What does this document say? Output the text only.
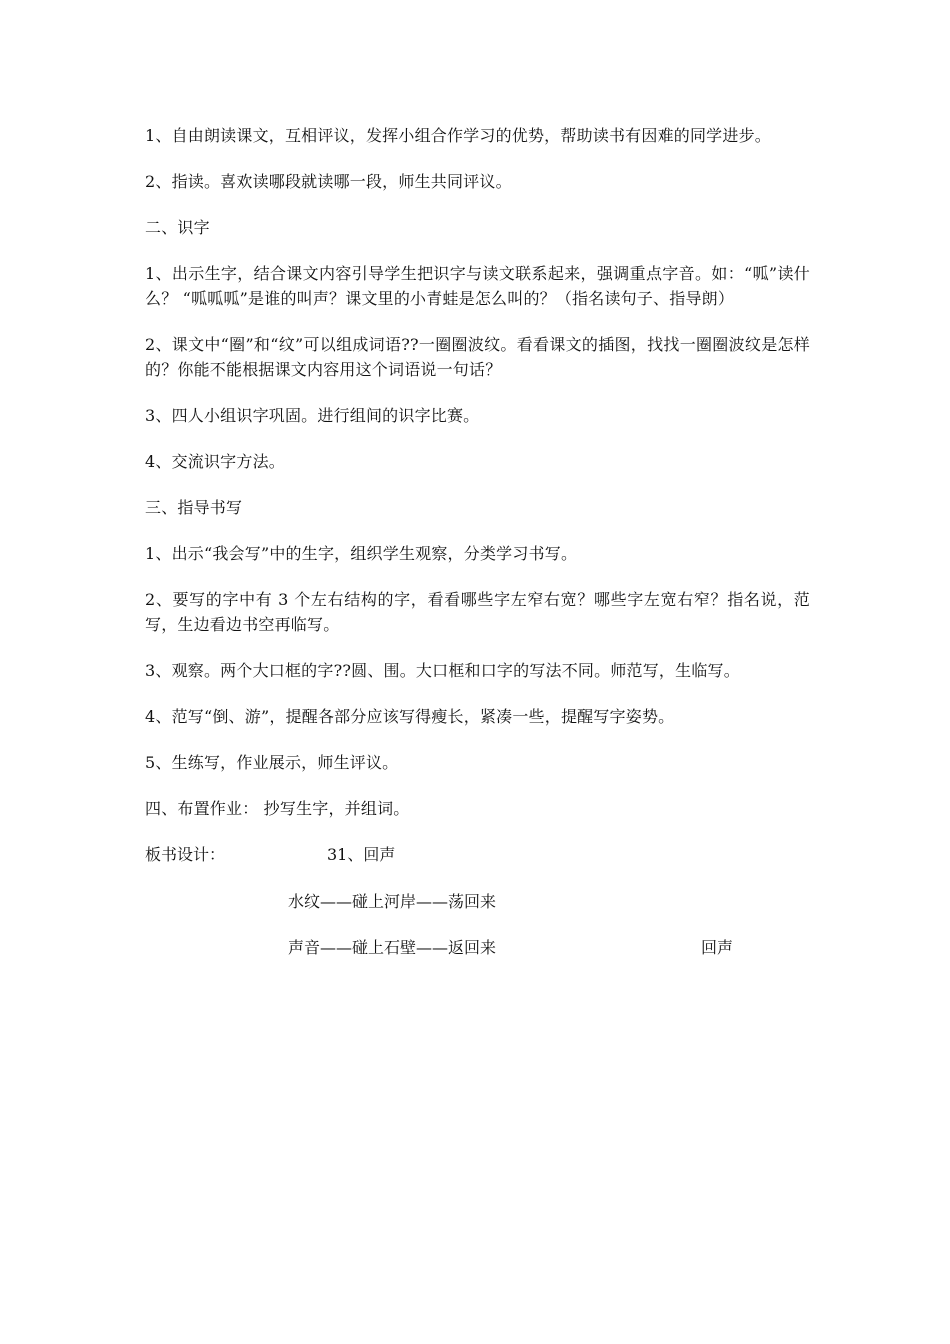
1、自由朗读课文，互相评议，发挥小组合作学习的优势，帮助读书有因难的同学进步。

2、指读。喜欢读哪段就读哪一段，师生共同评议。

二、识字

1、出示生字，结合课文内容引导学生把识字与读文联系起来，强调重点字音。如：“呱”读什么？ “呱呱呱”是谁的叫声？课文里的小青蛙是怎么叫的？（指名读句子、指导朗）

2、课文中“圈”和“纹”可以组成词语??一圈圈波纹。看看课文的插图，找找一圈圈波纹是怎样的？你能不能根据课文内容用这个词语说一句话？

3、四人小组识字巩固。进行组间的识字比赛。

4、交流识字方法。

三、指导书写

1、出示“我会写”中的生字，组织学生观察，分类学习书写。

2、要写的字中有 3 个左右结构的字，看看哪些字左窄右宽？哪些字左宽右窄？指名说，范写，生边看边书空再临写。

3、观察。两个大口框的字??圆、围。大口框和口字的写法不同。师范写，生临写。

4、范写“倒、游”，提醒各部分应该写得瘦长，紧凑一些，提醒写字姿势。

5、生练写，作业展示，师生评议。

四、布置作业： 抄写生字，并组词。

板书设计：	31、回声
水纹——碰上河岸——荡回来
声音——碰上石壁——返回来	回声
